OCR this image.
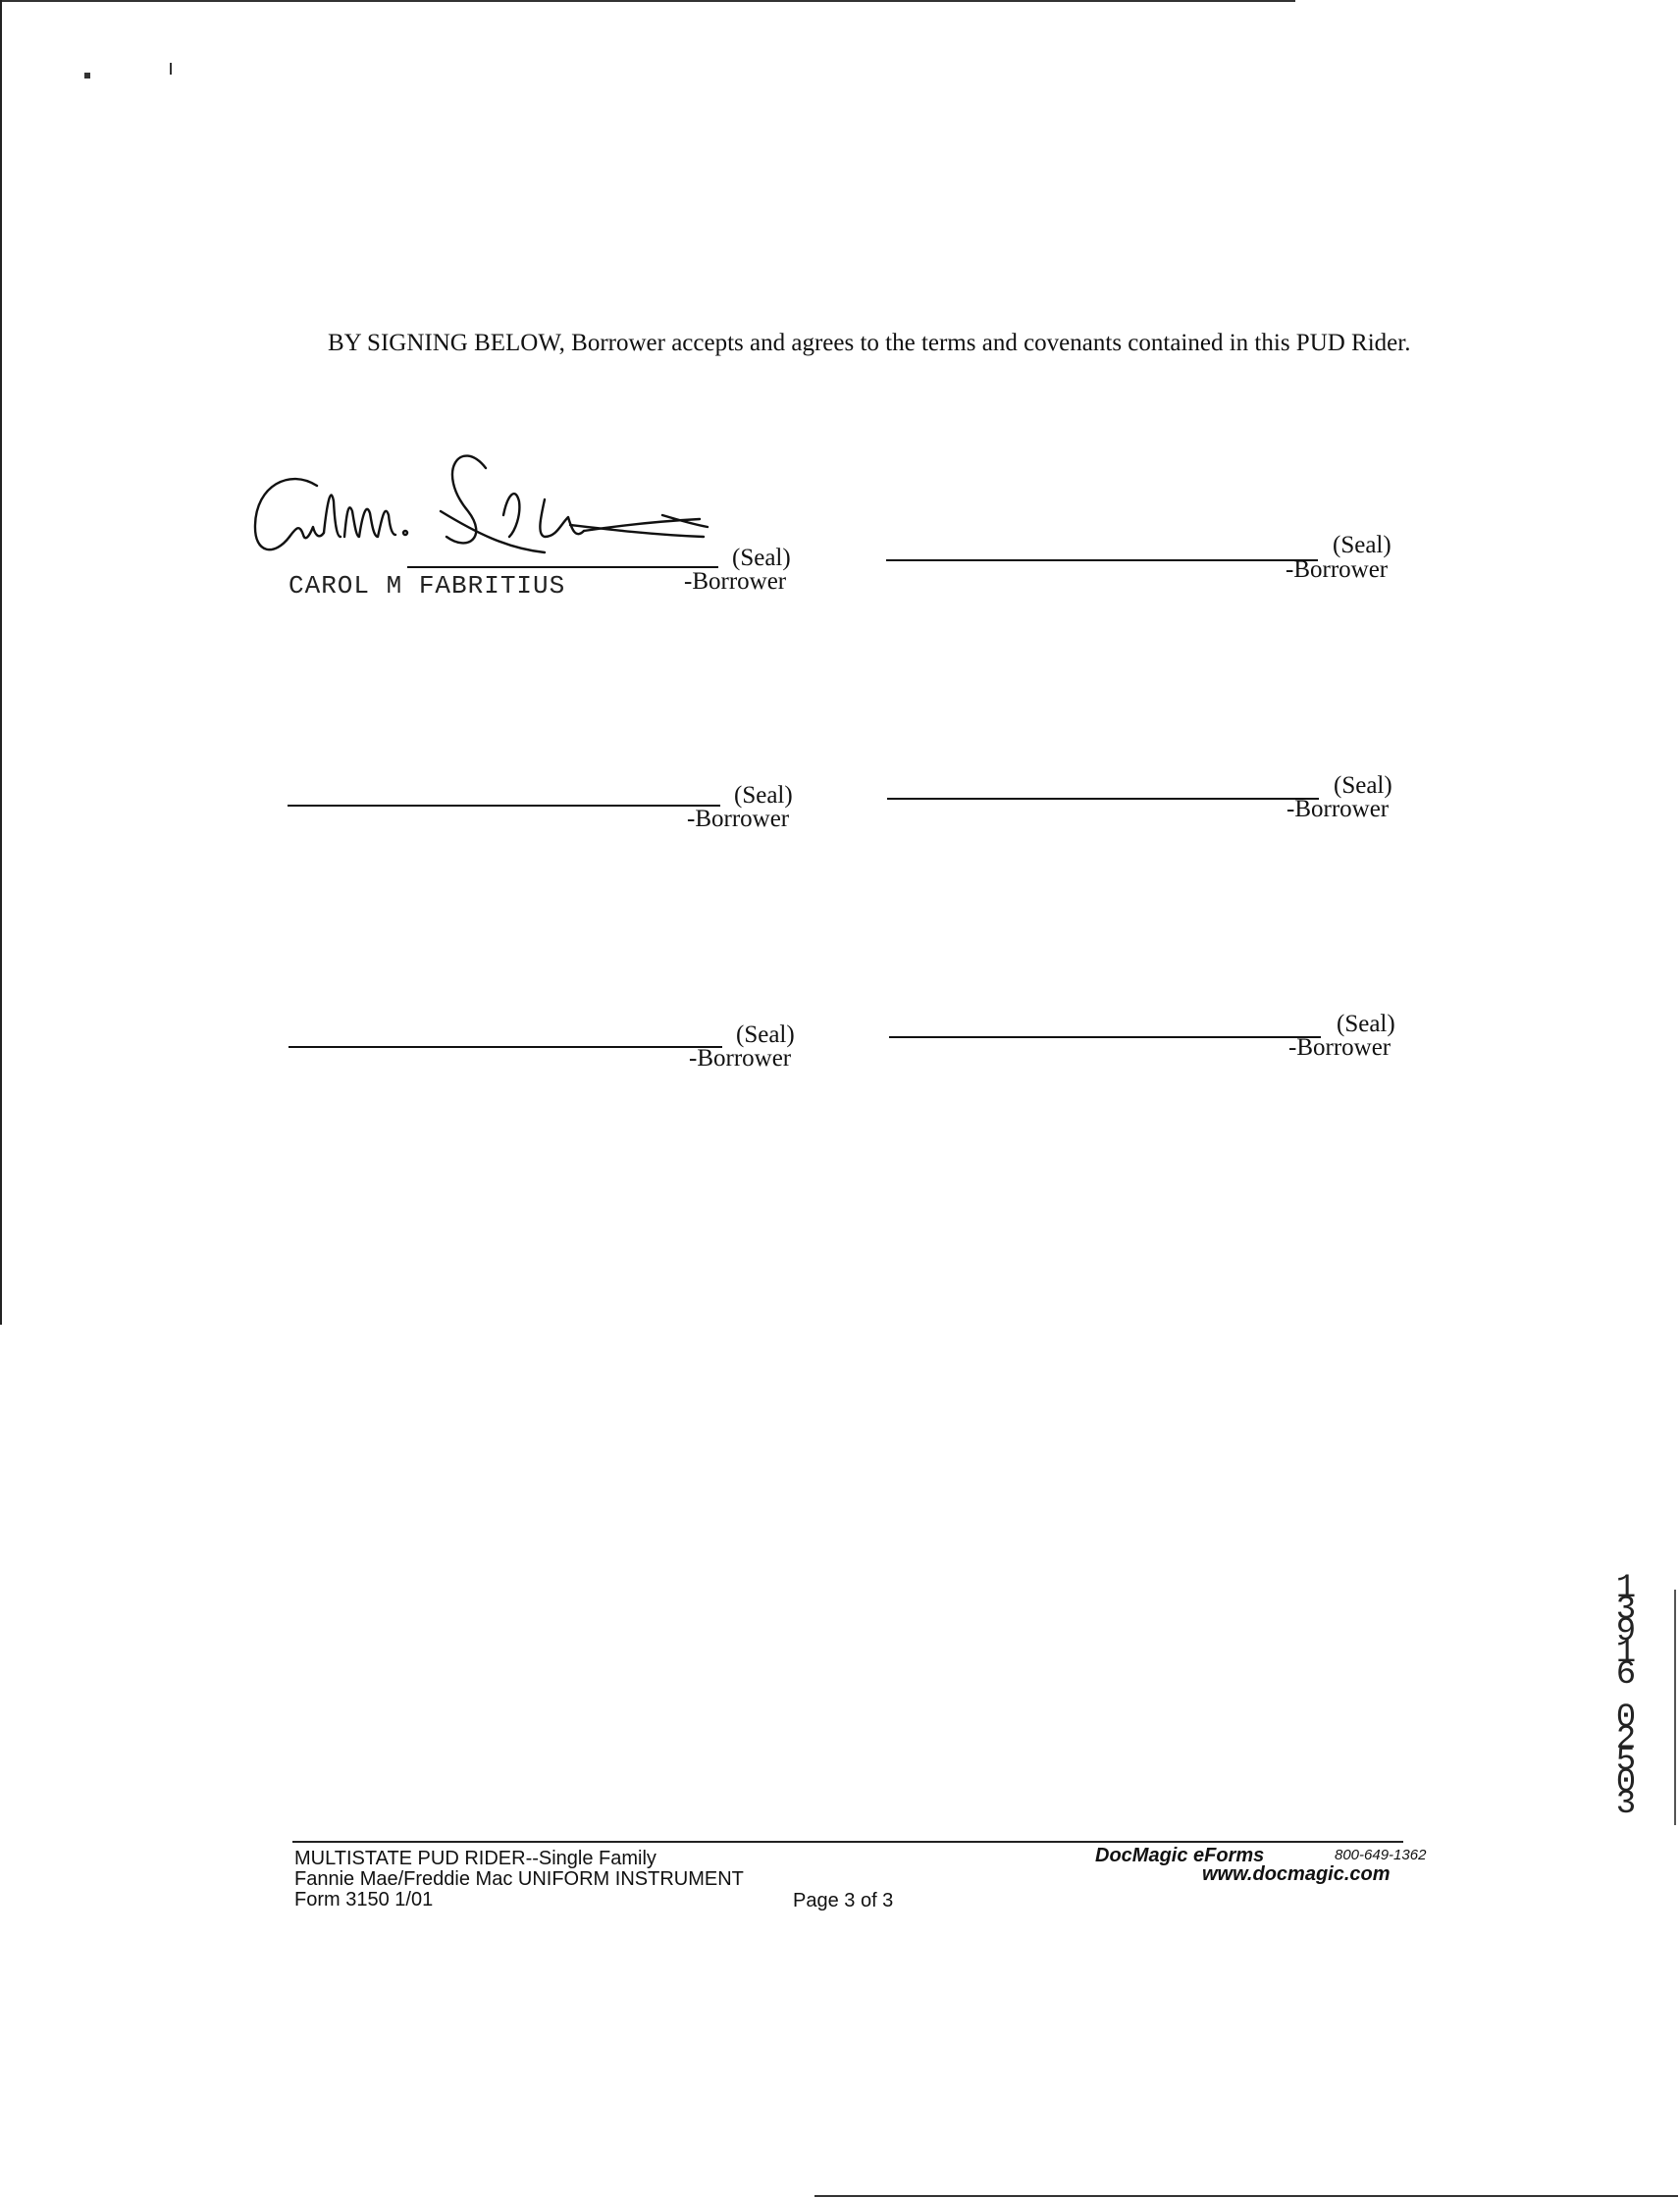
BY SIGNING BELOW, Borrower accepts and agrees to the terms and covenants contained in this PUD Rider.

(Seal)
-Borrower
CAROL M FABRITIUS
(Seal)
-Borrower
(Seal)
-Borrower
(Seal)
-Borrower
(Seal)
-Borrower
(Seal)
-Borrower
MULTISTATE PUD RIDER--Single Family
Fannie Mae/Freddie Mac UNIFORM INSTRUMENT
Form 3150 1/01	Page 3 of 3
DocMagic eForms	800-649-1362
www.docmagic.com
1
3
9
1
6

0
2
5
0
3
